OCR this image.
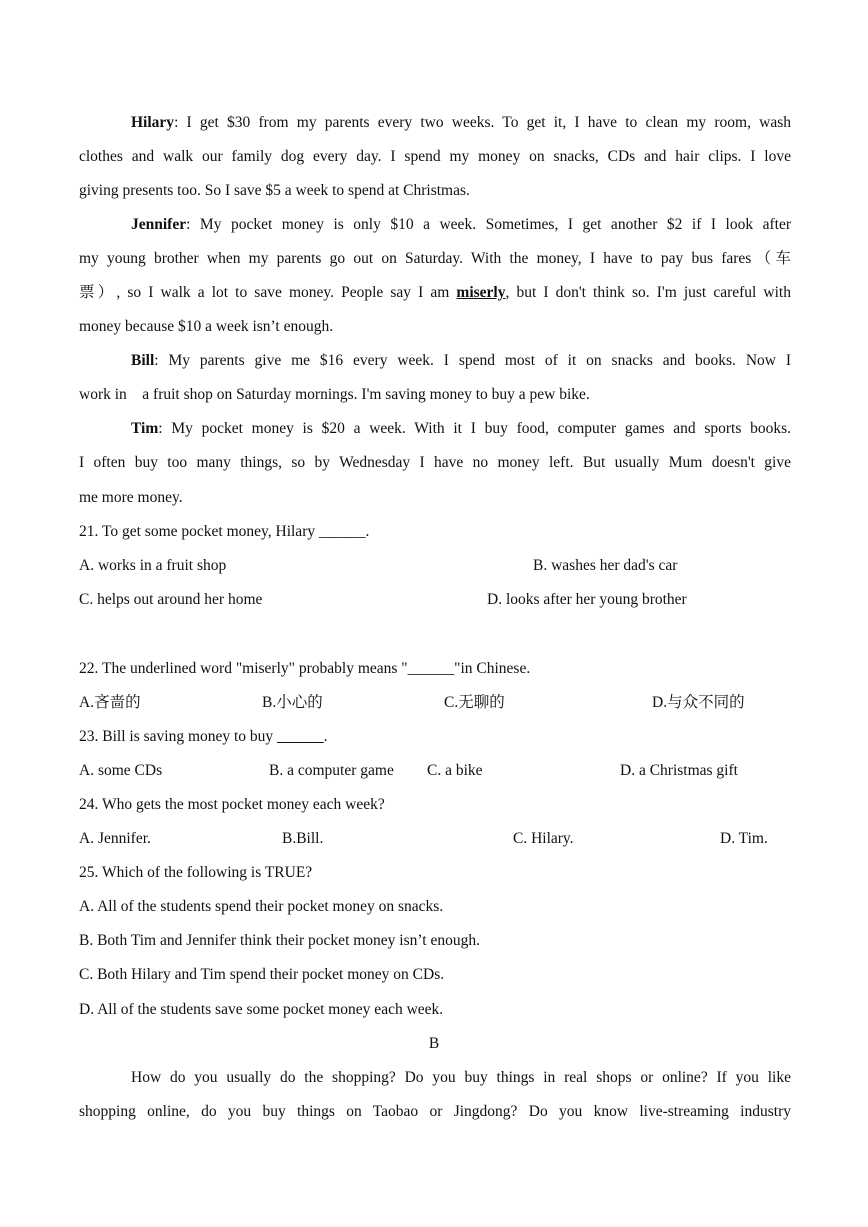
Hilary: I get $30 from my parents every two weeks. To get it, I have to clean my room, wash
clothes and walk our family dog every day. I spend my money on snacks, CDs and hair clips. I love
giving presents too. So I save $5 a week to spend at Christmas.
Jennifer: My pocket money is only $10 a week. Sometimes, I get another $2 if I look after
my young brother when my parents go out on Saturday. With the money, I have to pay bus fares（车
票）, so I walk a lot to save money. People say I am miserly, but I don't think so. I'm just careful with
money because $10 a week isn’t enough.
Bill: My parents give me $16 every week. I spend most of it on snacks and books. Now I
work in    a fruit shop on Saturday mornings. I'm saving money to buy a pew bike.
Tim: My pocket money is $20 a week. With it I buy food, computer games and sports books.
I often buy too many things, so by Wednesday I have no money left. But usually Mum doesn't give
me more money.
21. To get some pocket money, Hilary ______.
A. works in a fruit shop	B. washes her dad's car
C. helps out around her home	D. looks after her young brother
22. The underlined word "miserly" probably means "______"in Chinese.
A.吝啬的	B.小心的	C.无聊的	D.与众不同的
23. Bill is saving money to buy ______.
A. some CDs	B. a computer game C. a bike	D. a Christmas gift
24. Who gets the most pocket money each week?
A. Jennifer.	B.Bill.	C. Hilary.	D. Tim.
25. Which of the following is TRUE?
A. All of the students spend their pocket money on snacks.
B. Both Tim and Jennifer think their pocket money isn’t enough.
C. Both Hilary and Tim spend their pocket money on CDs.
D. All of the students save some pocket money each week.
B
How do you usually do the shopping? Do you buy things in real shops or online? If you like
shopping online, do you buy things on Taobao or Jingdong? Do you know live-streaming industry
